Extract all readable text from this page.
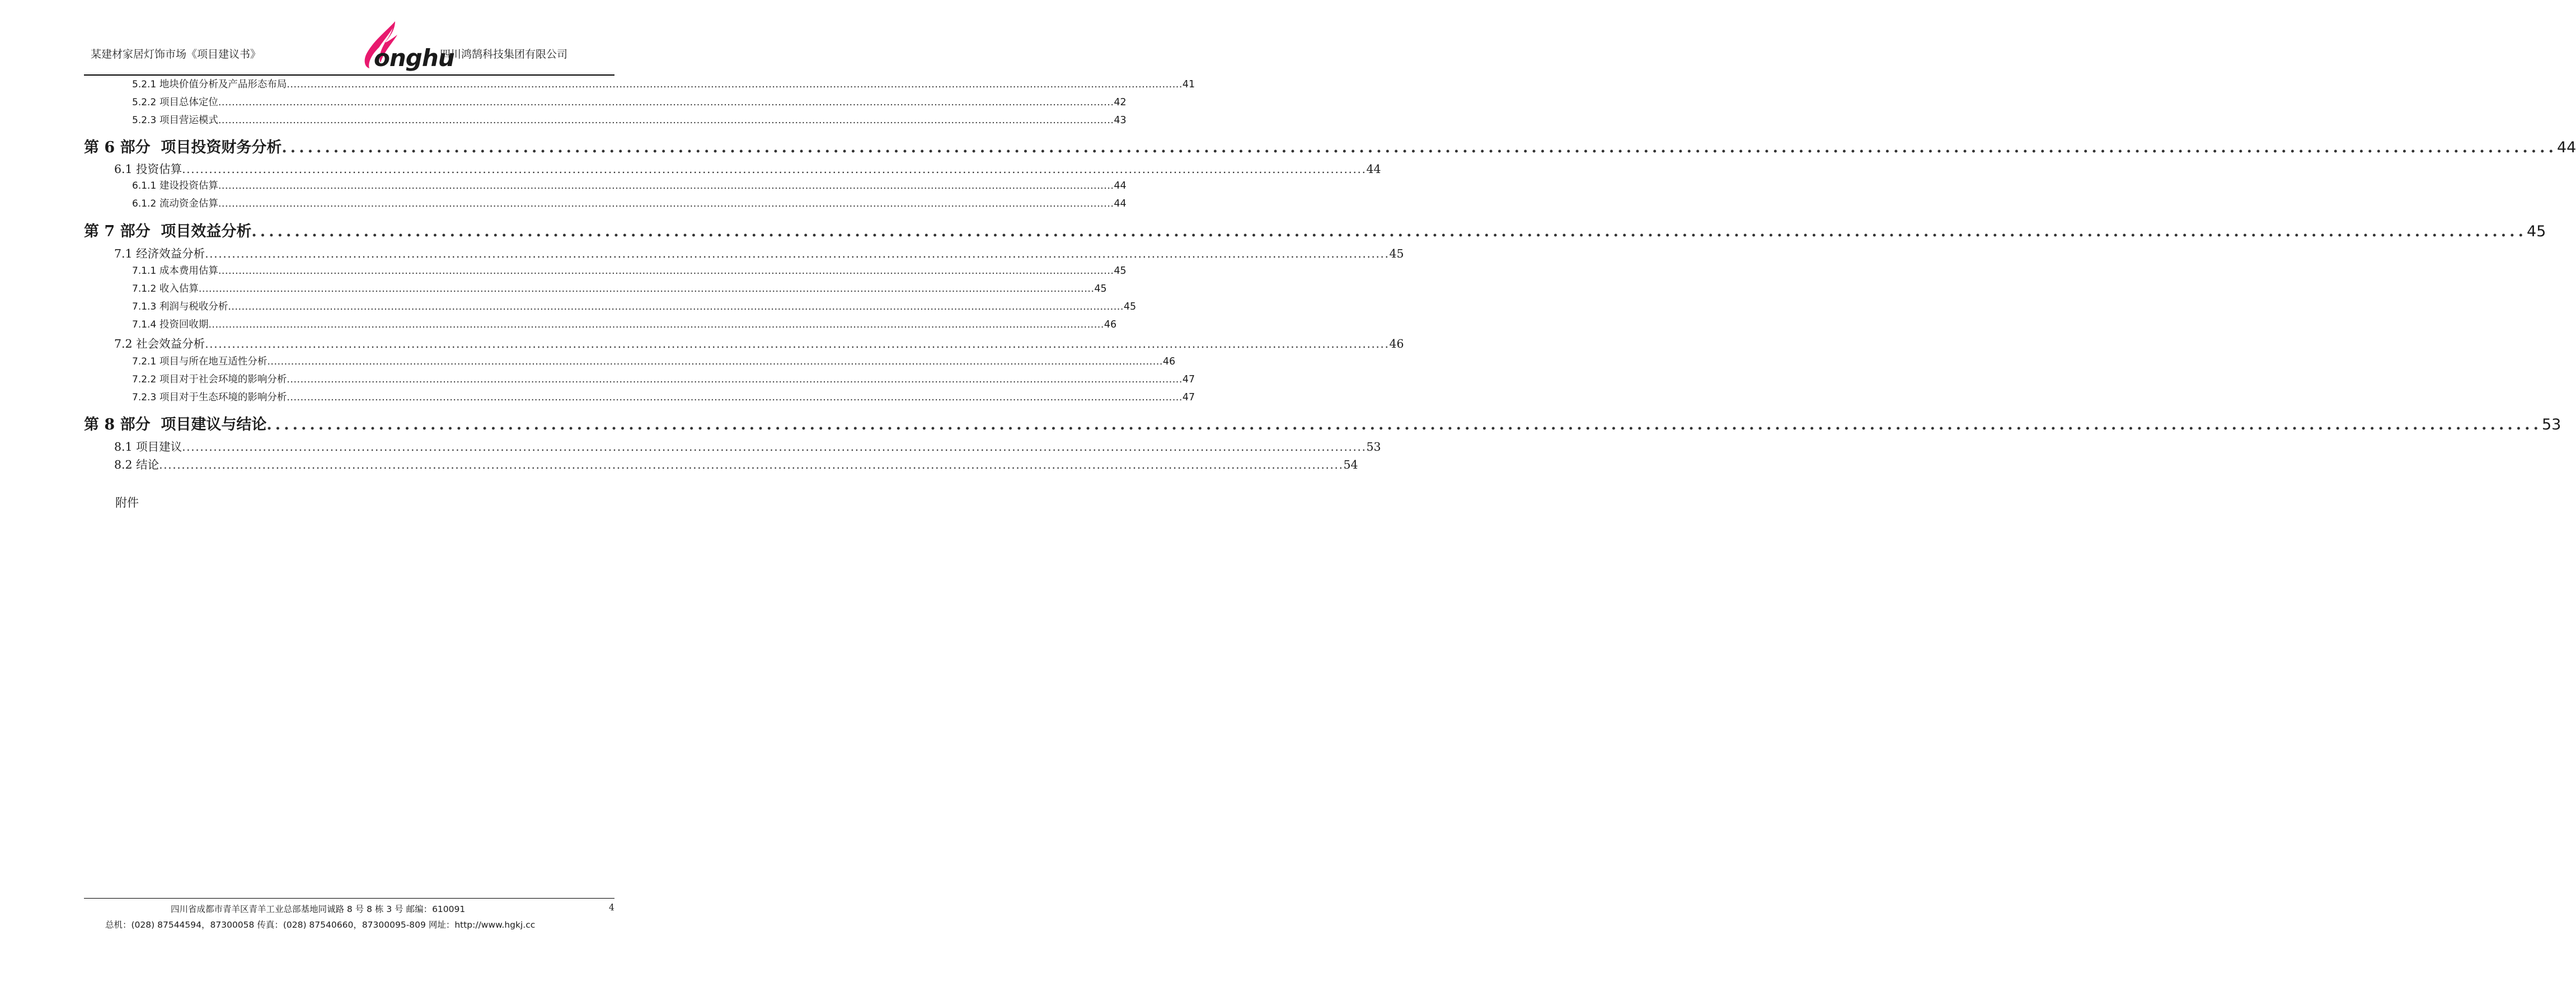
某建材家居灯饰市场《项目建议书》	onghu
四川鸿鹄科技集团有限公司
5.2.1 地块价值分析及产品形态布局 .....	41
5.2.2 项目总体定位 .....	42
5.2.3 项目营运模式 .....	43
第 6 部分 项目投资财务分析 .....	44
6.1 投资估算 .....	44
6.1.1 建设投资估算 .....	44
6.1.2 流动资金估算 .....	44
第 7 部分 项目效益分析 .....	45
7.1 经济效益分析 .....	45
7.1.1 成本费用估算 .....	45
7.1.2 收入估算 .....	45
7.1.3 利润与税收分析 .....	45
7.1.4 投资回收期 .....	46
7.2 社会效益分析 .....	46
7.2.1 项目与所在地互适性分析 .....	46
7.2.2 项目对于社会环境的影响分析 .....	47
7.2.3 项目对于生态环境的影响分析 .....	47
第 8 部分 项目建议与结论 .....	53
8.1 项目建议 .....	53
8.2 结论 .....	54
附件
四川省成都市青羊区青羊工业总部基地同诚路 8 号 8 栋 3 号 邮编：610091	4
总机：(028) 87544594，87300058 传真：(028) 87540660，87300095-809 网址：http://www.hgkj.cc
